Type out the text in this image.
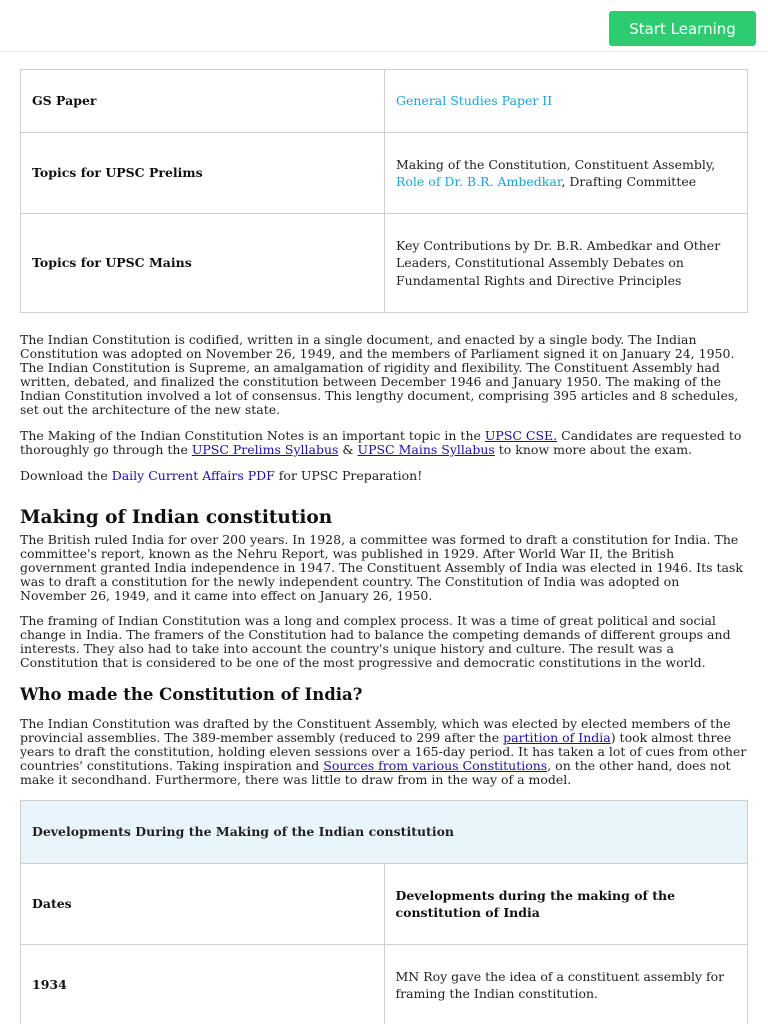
Start Learning
GS Paper	General Studies Paper II
Topics for UPSC Prelims	Making of the Constitution, Constituent Assembly, Role of Dr. B.R. Ambedkar, Drafting Committee
Topics for UPSC Mains	Key Contributions by Dr. B.R. Ambedkar and Other Leaders, Constitutional Assembly Debates on Fundamental Rights and Directive Principles

The Indian Constitution is codified, written in a single document, and enacted by a single body. The Indian Constitution was adopted on November 26, 1949, and the members of Parliament signed it on January 24, 1950. The Indian Constitution is Supreme, an amalgamation of rigidity and flexibility. The Constituent Assembly had written, debated, and finalized the constitution between December 1946 and January 1950. The making of the Indian Constitution involved a lot of consensus. This lengthy document, comprising 395 articles and 8 schedules, set out the architecture of the new state.

The Making of the Indian Constitution Notes is an important topic in the UPSC CSE. Candidates are requested to thoroughly go through the UPSC Prelims Syllabus & UPSC Mains Syllabus to know more about the exam.

Download the Daily Current Affairs PDF for UPSC Preparation!

Making of Indian constitution

The British ruled India for over 200 years. In 1928, a committee was formed to draft a constitution for India. The committee's report, known as the Nehru Report, was published in 1929. After World War II, the British government granted India independence in 1947. The Constituent Assembly of India was elected in 1946. Its task was to draft a constitution for the newly independent country. The Constitution of India was adopted on November 26, 1949, and it came into effect on January 26, 1950.

The framing of Indian Constitution was a long and complex process. It was a time of great political and social change in India. The framers of the Constitution had to balance the competing demands of different groups and interests. They also had to take into account the country's unique history and culture. The result was a Constitution that is considered to be one of the most progressive and democratic constitutions in the world.

Who made the Constitution of India?

The Indian Constitution was drafted by the Constituent Assembly, which was elected by elected members of the provincial assemblies. The 389-member assembly (reduced to 299 after the partition of India) took almost three years to draft the constitution, holding eleven sessions over a 165-day period. It has taken a lot of cues from other countries' constitutions. Taking inspiration and Sources from various Constitutions, on the other hand, does not make it secondhand. Furthermore, there was little to draw from in the way of a model.

Developments During the Making of the Indian constitution	
Dates	Developments during the making of the constitution of India
1934	MN Roy gave the idea of a constituent assembly for framing the Indian constitution.
